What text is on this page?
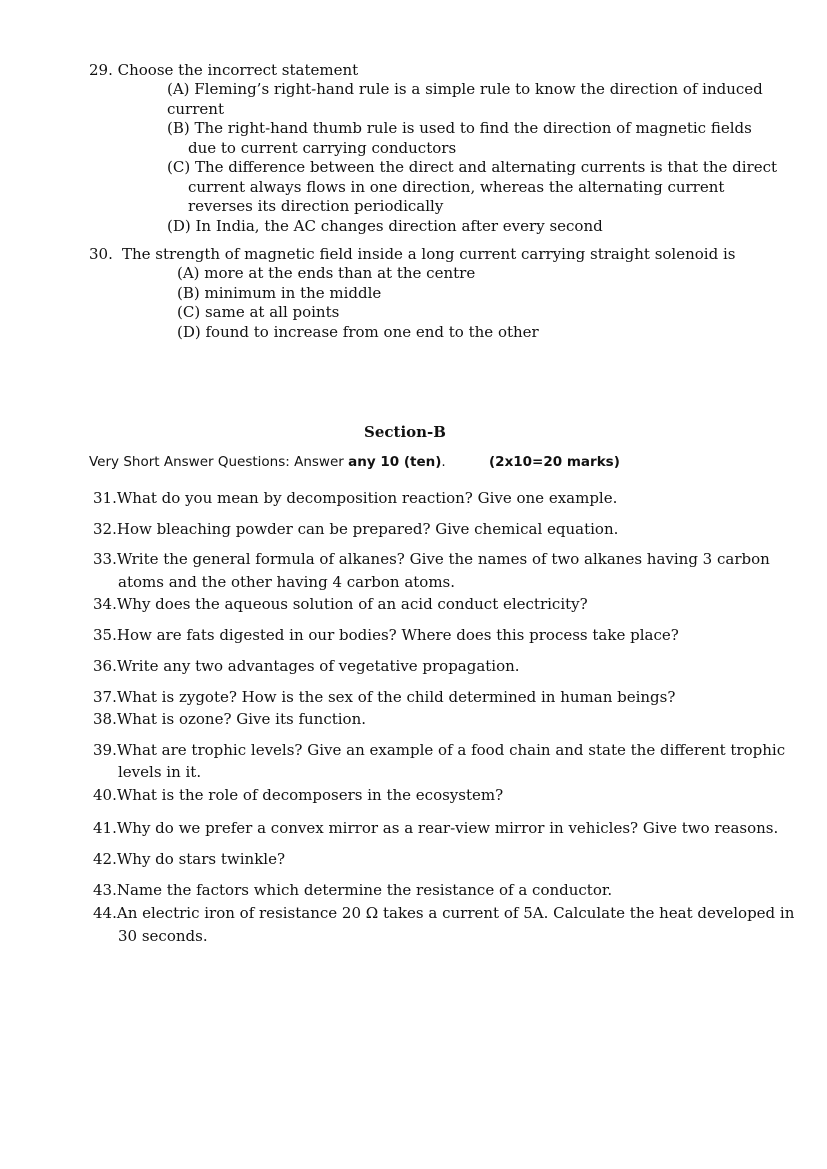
29. Choose the incorrect statement
(A) Fleming’s right-hand rule is a simple rule to know the direction of induced
current
(B) The right-hand thumb rule is used to find the direction of magnetic fields
due to current carrying conductors
(C) The difference between the direct and alternating currents is that the direct
current always flows in one direction, whereas the alternating current
reverses its direction periodically
(D) In India, the AC changes direction after every second
30. The strength of magnetic field inside a long current carrying straight solenoid is
(A) more at the ends than at the centre
(B) minimum in the middle
(C) same at all points
(D) found to increase from one end to the other
Section-B
Very Short Answer Questions: Answer any 10 (ten).	(2x10=20 marks)
31.What do you mean by decomposition reaction? Give one example.
32.How bleaching powder can be prepared? Give chemical equation.
33.Write the general formula of alkanes? Give the names of two alkanes having 3 carbon
atoms and the other having 4 carbon atoms.
34.Why does the aqueous solution of an acid conduct electricity?
35.How are fats digested in our bodies? Where does this process take place?
36.Write any two advantages of vegetative propagation.
37.What is zygote? How is the sex of the child determined in human beings?
38.What is ozone? Give its function.
39.What are trophic levels? Give an example of a food chain and state the different trophic
levels in it.
40.What is the role of decomposers in the ecosystem?
41.Why do we prefer a convex mirror as a rear-view mirror in vehicles? Give two reasons.
42.Why do stars twinkle?
43.Name the factors which determine the resistance of a conductor.
44.An electric iron of resistance 20 Ω takes a current of 5A. Calculate the heat developed in
30 seconds.
